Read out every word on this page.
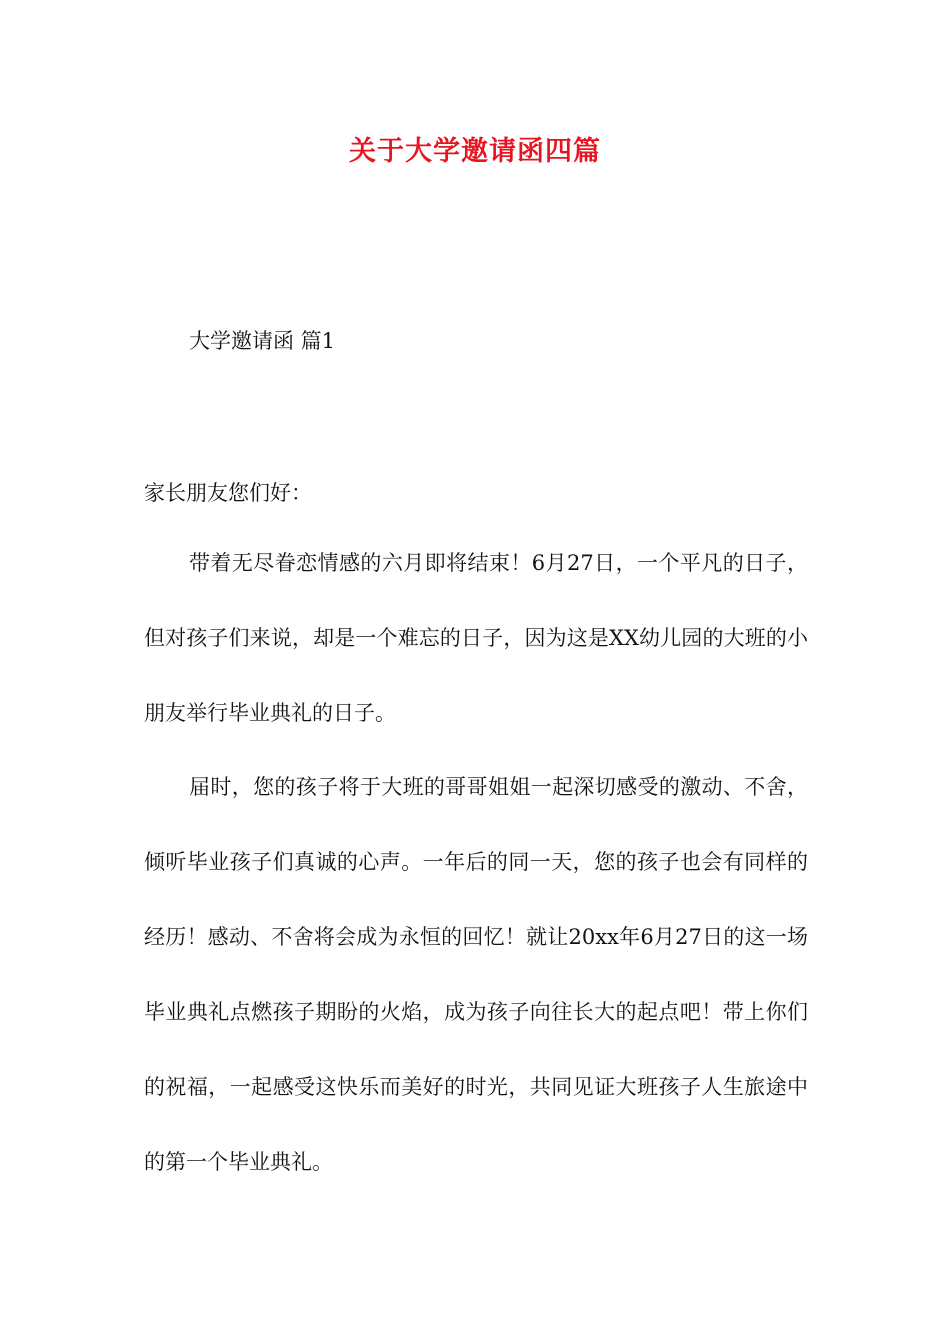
关于大学邀请函四篇
大学邀请函 篇1
家长朋友您们好：

带着无尽眷恋情感的六月即将结束！6月27日，一个平凡的日子，但对孩子们来说，却是一个难忘的日子，因为这是XX幼儿园的大班的小朋友举行毕业典礼的日子。

届时，您的孩子将于大班的哥哥姐姐一起深切感受的激动、不舍，倾听毕业孩子们真诚的心声。一年后的同一天，您的孩子也会有同样的经历！感动、不舍将会成为永恒的回忆！就让20xx年6月27日的这一场毕业典礼点燃孩子期盼的火焰，成为孩子向往长大的起点吧！带上你们的祝福，一起感受这快乐而美好的时光，共同见证大班孩子人生旅途中的第一个毕业典礼。
